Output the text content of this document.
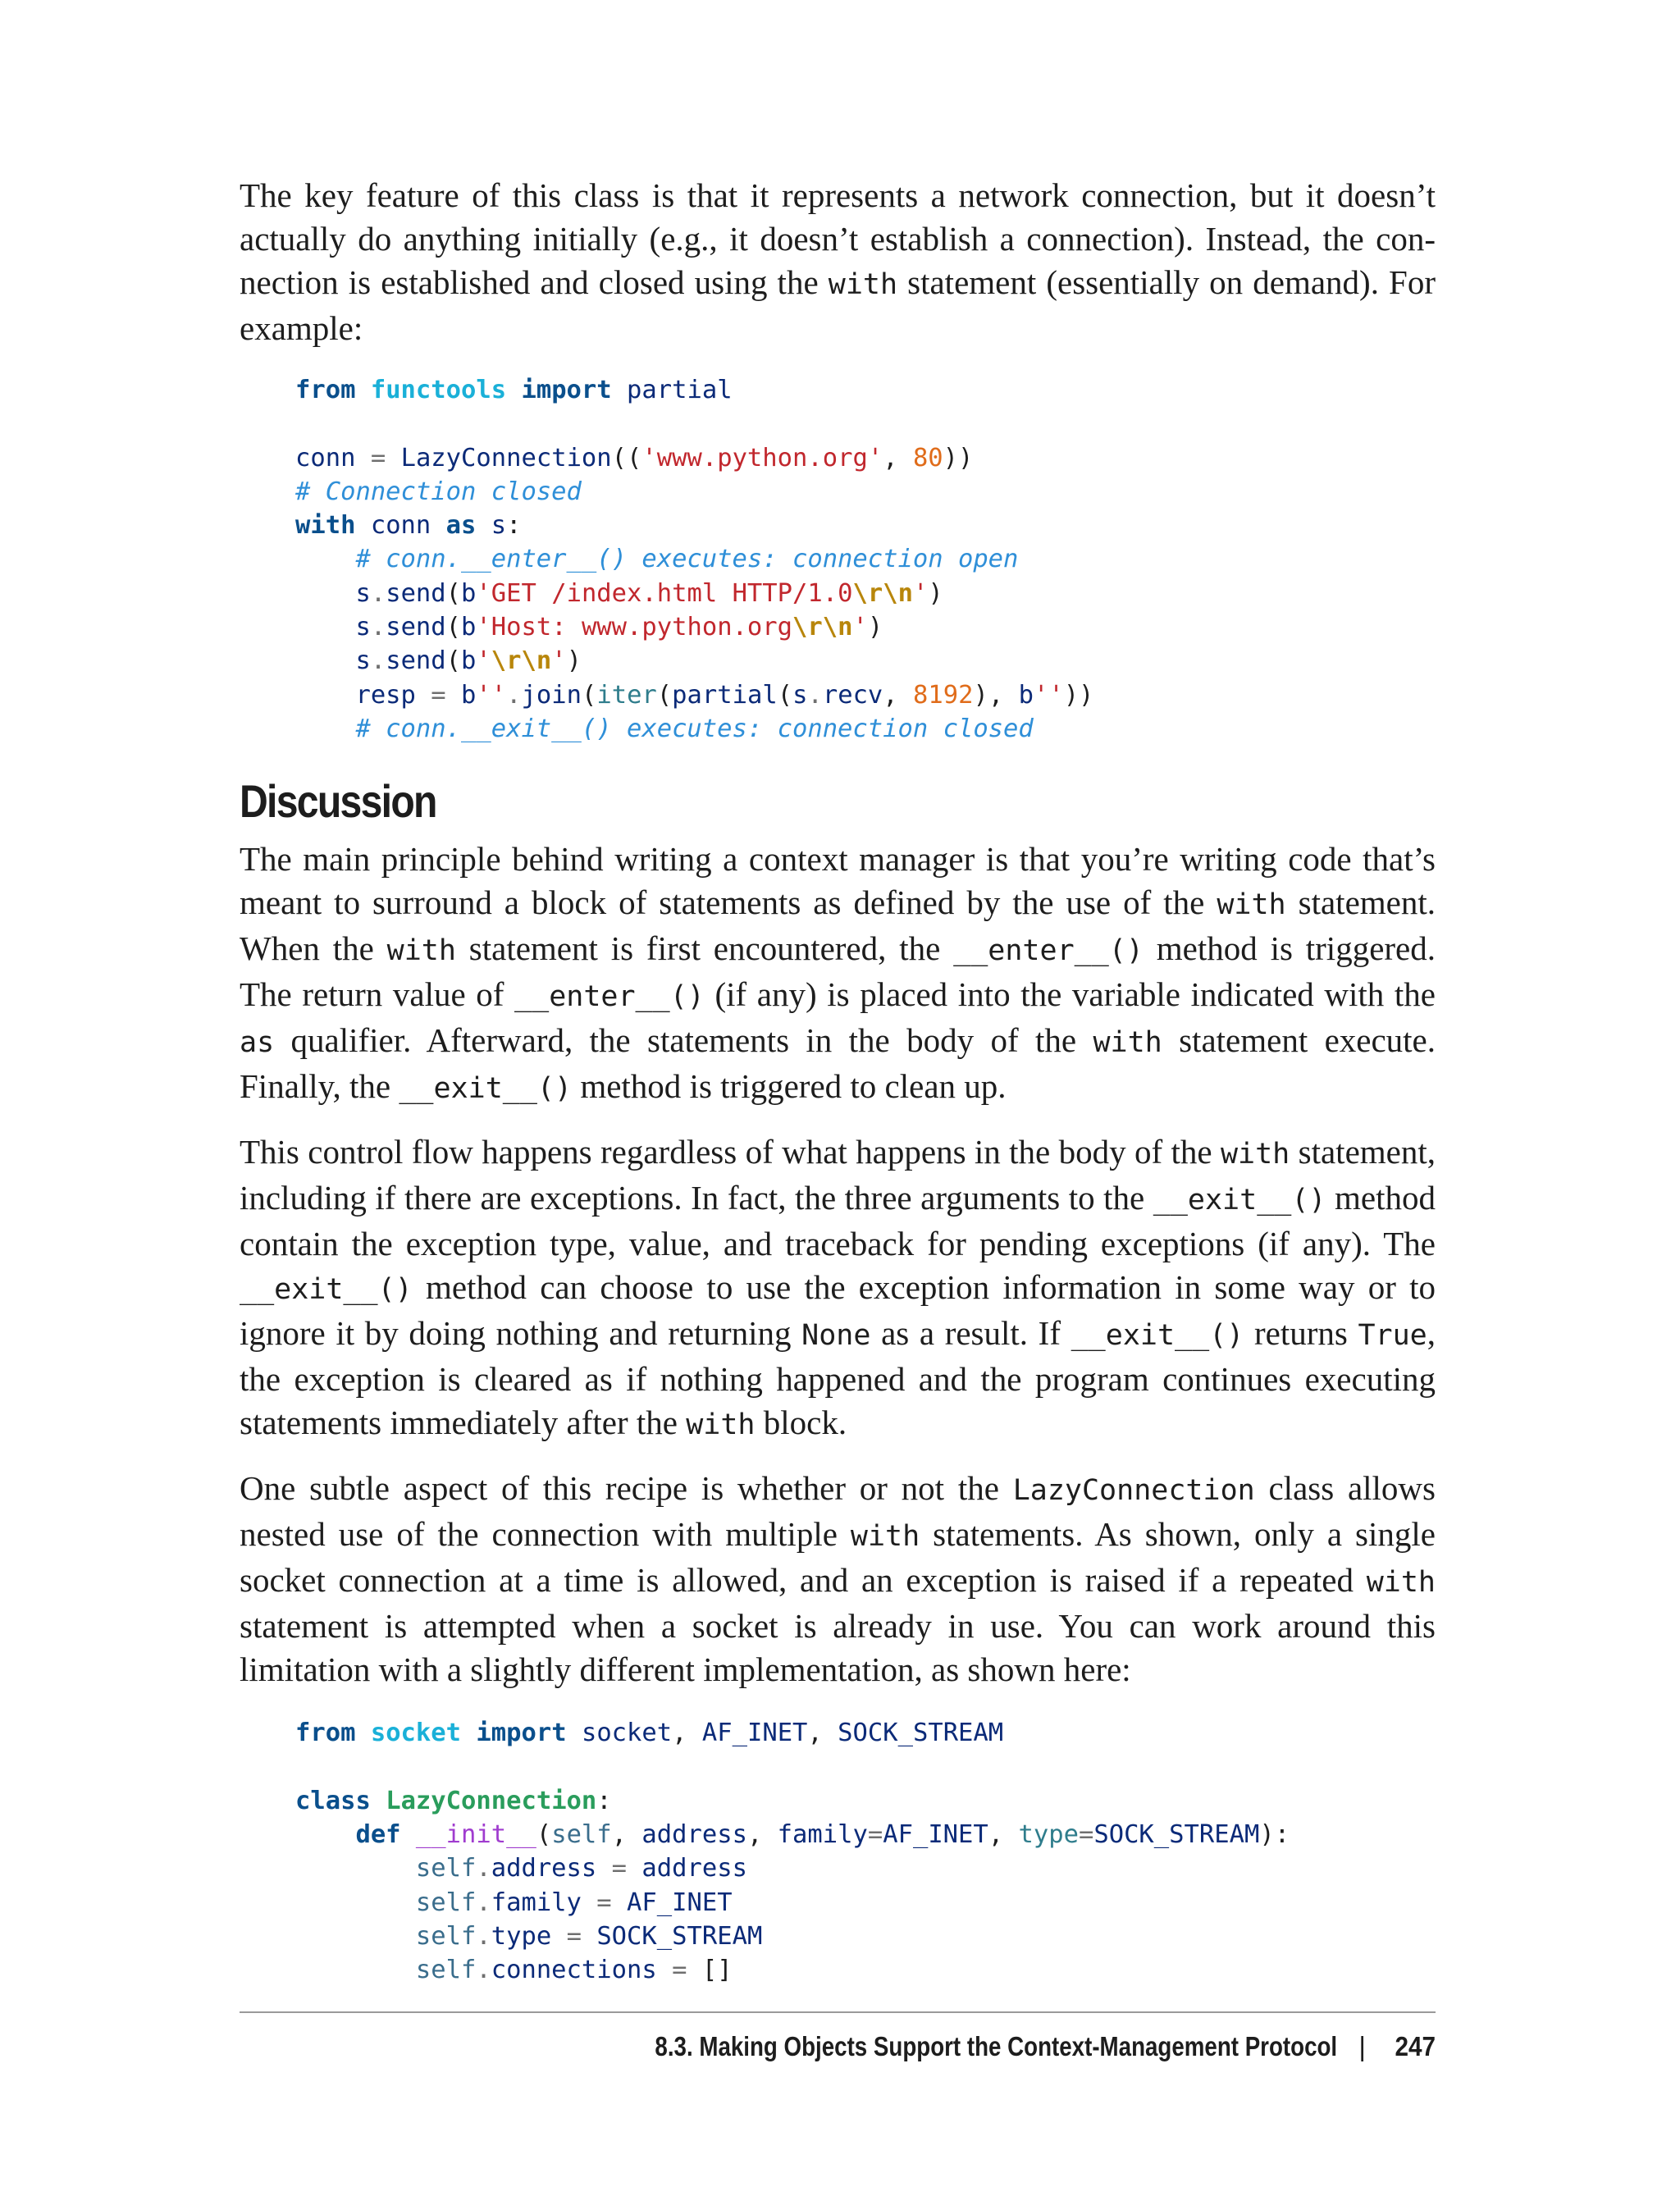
The key feature of this class is that it represents a network connection, but it doesn’t actually do anything initially (e.g., it doesn’t establish a connection). Instead, the connection is established and closed using the with statement (essentially on demand). For example:

from functools import partial

conn = LazyConnection(('www.python.org', 80))
# Connection closed
with conn as s:
# conn.__enter__() executes: connection open
s.send(b'GET /index.html HTTP/1.0\r\n')
s.send(b'Host: www.python.org\r\n')
s.send(b'\r\n')
resp = b''.join(iter(partial(s.recv, 8192), b''))
# conn.__exit__() executes: connection closed
Discussion

The main principle behind writing a context manager is that you’re writing code that’s meant to surround a block of statements as defined by the use of the with statement. When the with statement is first encountered, the __enter__() method is triggered. The return value of __enter__() (if any) is placed into the variable indicated with the as qualifier. Afterward, the statements in the body of the with statement execute. Finally, the __exit__() method is triggered to clean up.

This control flow happens regardless of what happens in the body of the with statement, including if there are exceptions. In fact, the three arguments to the __exit__() method contain the exception type, value, and traceback for pending exceptions (if any). The __exit__() method can choose to use the exception information in some way or to ignore it by doing nothing and returning None as a result. If __exit__() returns True, the exception is cleared as if nothing happened and the program continues executing statements immediately after the with block.

One subtle aspect of this recipe is whether or not the LazyConnection class allows nested use of the connection with multiple with statements. As shown, only a single socket connection at a time is allowed, and an exception is raised if a repeated with statement is attempted when a socket is already in use. You can work around this limitation with a slightly different implementation, as shown here:

from socket import socket, AF_INET, SOCK_STREAM

class LazyConnection:
def __init__(self, address, family=AF_INET, type=SOCK_STREAM):
self.address = address
self.family = AF_INET
self.type = SOCK_STREAM
self.connections = []
8.3. Making Objects Support the Context-Management Protocol | 247
